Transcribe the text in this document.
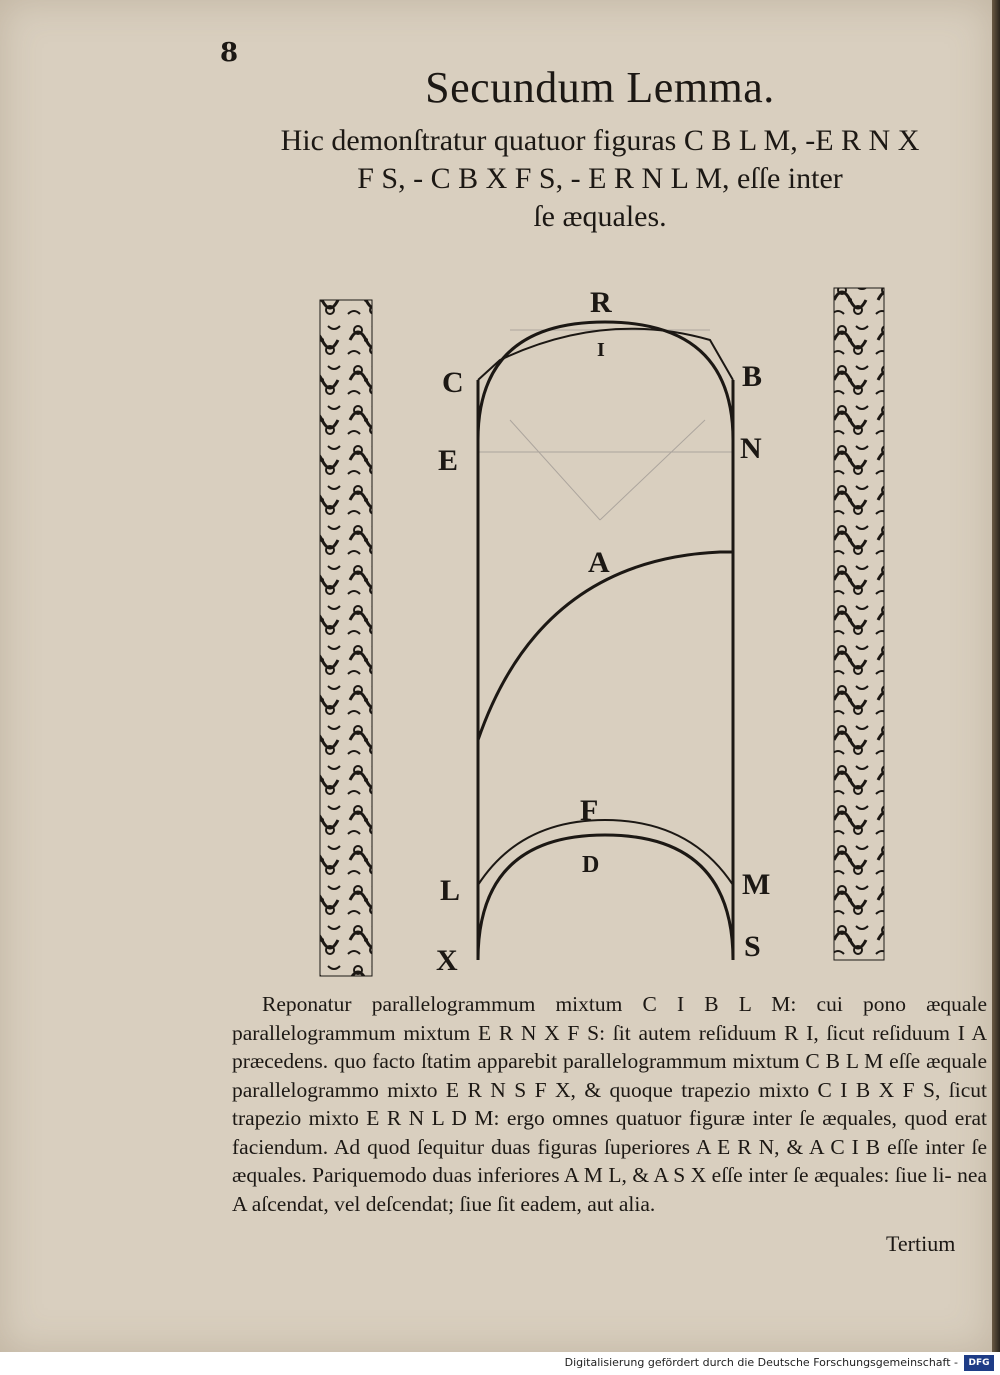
8
Secundum Lemma.
Hic demonſtratur quatuor figuras C B L M, -E R N X
F S, - C B X F S, - E R N L M, eſſe inter
ſe æquales.
R
I
C	B
E	N
A
F
D
L	M
X	S
Reponatur parallelogrammum mixtum C I B L M: cui pono æquale parallelogrammum mixtum E R N X F S: ſit autem reſiduum R I, ſicut reſiduum I A præcedens. quo facto ſtatim apparebit parallelogrammum mixtum C B L M eſſe æquale parallelogrammo mixto E R N S F X, & quoque trapezio mixto C I B X F S, ſicut trapezio mixto E R N L D M: ergo omnes quatuor figuræ inter ſe æquales, quod erat faciendum. Ad quod ſequitur duas figuras ſuperiores A E R N, & A C I B eſſe inter ſe æquales. Pariquemodo duas inferiores A M L, & A S X eſſe inter ſe æquales: ſiue li- nea A aſcendat, vel deſcendat; ſiue ſit eadem, aut alia.
Tertium
Digitalisierung gefördert durch die Deutsche Forschungsgemeinschaft -	DFG
